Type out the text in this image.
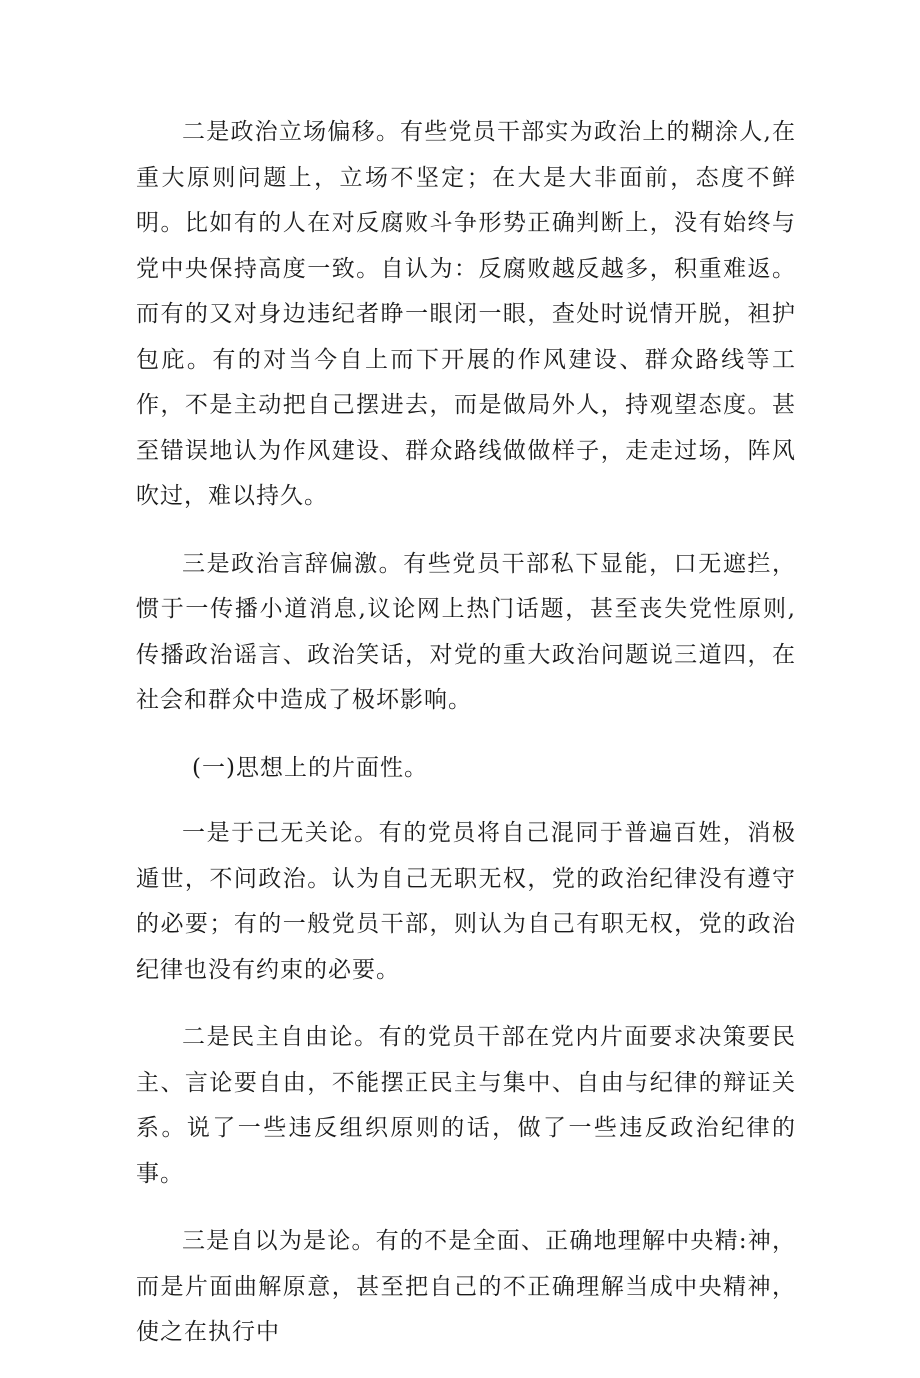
二是政治立场偏移。有些党员干部实为政治上的糊涂人,在重大原则问题上，立场不坚定；在大是大非面前，态度不鲜明。比如有的人在对反腐败斗争形势正确判断上，没有始终与党中央保持高度一致。自认为：反腐败越反越多，积重难返。而有的又对身边违纪者睁一眼闭一眼，查处时说情开脱，袒护包庇。有的对当今自上而下开展的作风建设、群众路线等工作，不是主动把自己摆进去，而是做局外人，持观望态度。甚至错误地认为作风建设、群众路线做做样子，走走过场，阵风吹过，难以持久。

三是政治言辞偏激。有些党员干部私下显能，口无遮拦，惯于一传播小道消息,议论网上热门话题，甚至丧失党性原则,传播政治谣言、政治笑话，对党的重大政治问题说三道四，在社会和群众中造成了极坏影响。

(一)思想上的片面性。

一是于己无关论。有的党员将自己混同于普遍百姓，消极遁世，不问政治。认为自己无职无权，党的政治纪律没有遵守的必要；有的一般党员干部，则认为自己有职无权，党的政治纪律也没有约束的必要。

二是民主自由论。有的党员干部在党内片面要求决策要民主、言论要自由，不能摆正民主与集中、自由与纪律的辩证关系。说了一些违反组织原则的话，做了一些违反政治纪律的事。

三是自以为是论。有的不是全面、正确地理解中央精:神，而是片面曲解原意，甚至把自己的不正确理解当成中央精神，使之在执行中
